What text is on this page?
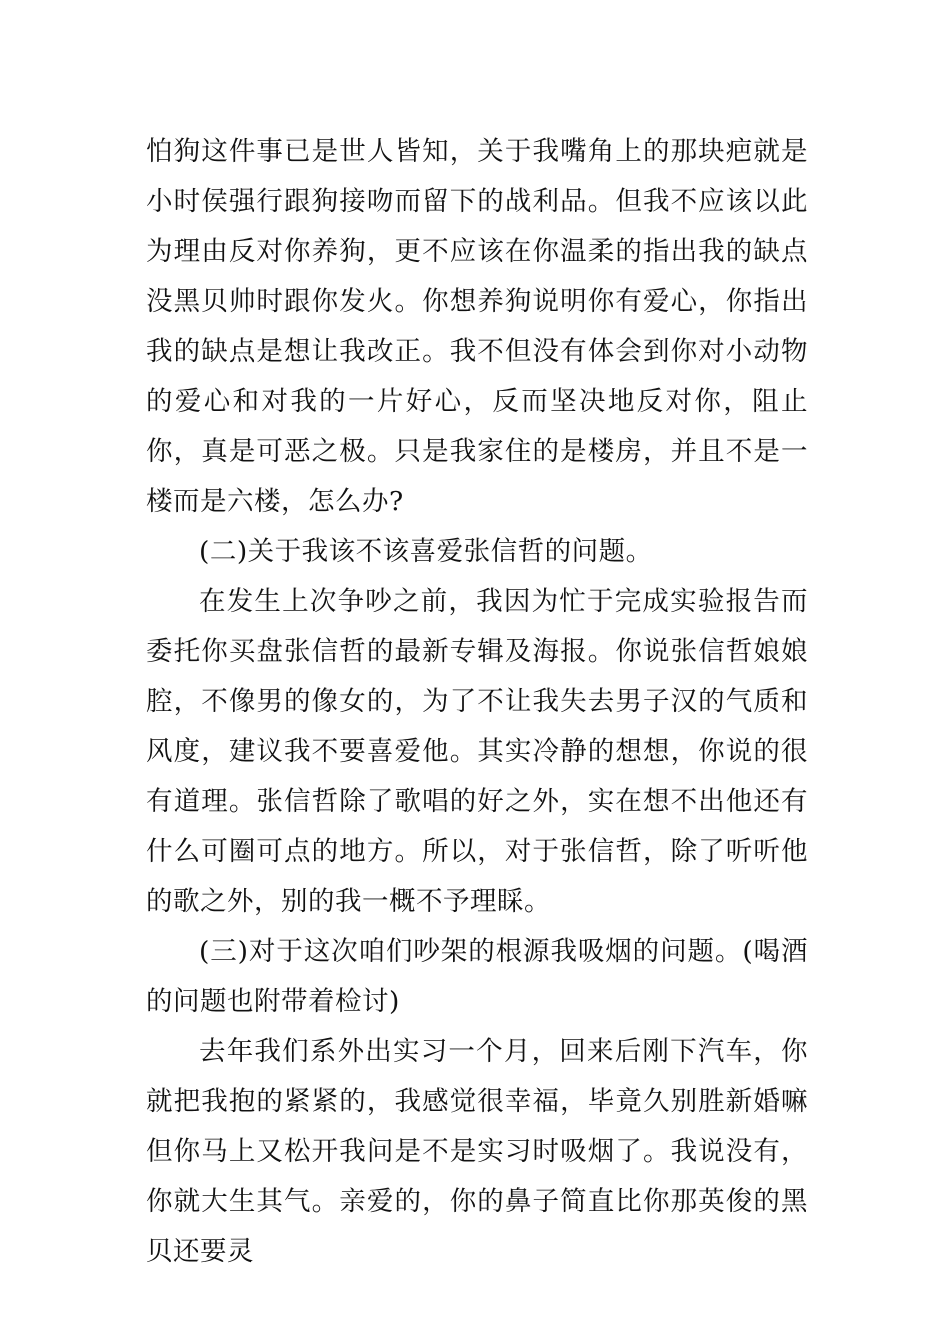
怕狗这件事已是世人皆知，关于我嘴角上的那块疤就是小时侯强行跟狗接吻而留下的战利品。但我不应该以此为理由反对你养狗，更不应该在你温柔的指出我的缺点没黑贝帅时跟你发火。你想养狗说明你有爱心，你指出我的缺点是想让我改正。我不但没有体会到你对小动物的爱心和对我的一片好心，反而坚决地反对你，阻止你，真是可恶之极。只是我家住的是楼房，并且不是一楼而是六楼，怎么办?

(二)关于我该不该喜爱张信哲的问题。

在发生上次争吵之前，我因为忙于完成实验报告而委托你买盘张信哲的最新专辑及海报。你说张信哲娘娘腔，不像男的像女的，为了不让我失去男子汉的气质和风度，建议我不要喜爱他。其实冷静的想想，你说的很有道理。张信哲除了歌唱的好之外，实在想不出他还有什么可圈可点的地方。所以，对于张信哲，除了听听他的歌之外，别的我一概不予理睬。

(三)对于这次咱们吵架的根源我吸烟的问题。(喝酒的问题也附带着检讨)

去年我们系外出实习一个月，回来后刚下汽车，你就把我抱的紧紧的，我感觉很幸福，毕竟久别胜新婚嘛但你马上又松开我问是不是实习时吸烟了。我说没有，你就大生其气。亲爱的，你的鼻子简直比你那英俊的黑贝还要灵
